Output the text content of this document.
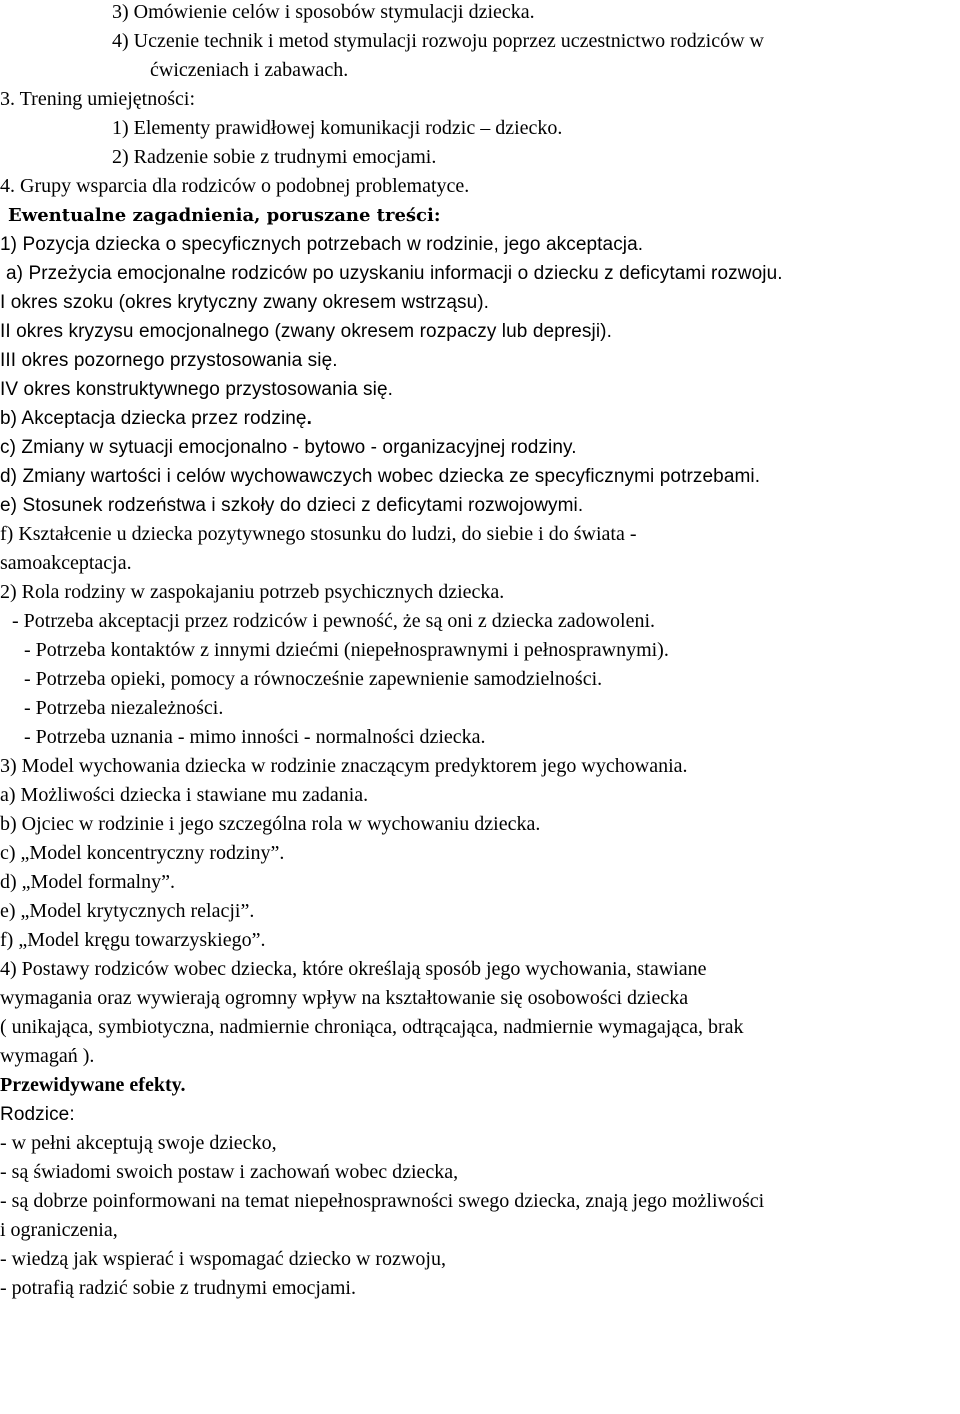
3) Omówienie celów i sposobów stymulacji dziecka.
4) Uczenie technik i metod stymulacji rozwoju poprzez uczestnictwo rodziców w
ćwiczeniach i zabawach.
3. Trening umiejętności:
1) Elementy prawidłowej komunikacji rodzic – dziecko.
2) Radzenie sobie z trudnymi emocjami.
4. Grupy wsparcia dla rodziców o podobnej problematyce.
Ewentualne zagadnienia, poruszane treści:
1) Pozycja dziecka o specyficznych potrzebach w rodzinie, jego akceptacja.
a) Przeżycia emocjonalne rodziców po uzyskaniu informacji o dziecku z deficytami rozwoju.
I okres szoku (okres krytyczny zwany okresem wstrząsu).
II okres kryzysu emocjonalnego (zwany okresem rozpaczy lub depresji).
III okres pozornego przystosowania się.
IV okres konstruktywnego przystosowania się.
b) Akceptacja dziecka przez rodzinę.
c) Zmiany w sytuacji emocjonalno - bytowo - organizacyjnej rodziny.
d) Zmiany wartości i celów wychowawczych wobec dziecka ze specyficznymi potrzebami.
e) Stosunek rodzeństwa i szkoły do dzieci z deficytami rozwojowymi.
f) Kształcenie u dziecka pozytywnego stosunku do ludzi, do siebie i do świata -
samoakceptacja.
2) Rola rodziny w zaspokajaniu potrzeb psychicznych dziecka.
- Potrzeba akceptacji przez rodziców i pewność, że są oni z dziecka zadowoleni.
- Potrzeba kontaktów z innymi dziećmi (niepełnosprawnymi i pełnosprawnymi).
- Potrzeba opieki, pomocy a równocześnie zapewnienie samodzielności.
- Potrzeba niezależności.
- Potrzeba uznania - mimo inności - normalności dziecka.
3) Model wychowania dziecka w rodzinie znaczącym predyktorem jego wychowania.
a) Możliwości dziecka i stawiane mu zadania.
b) Ojciec w rodzinie i jego szczególna rola w wychowaniu dziecka.
c) „Model koncentryczny rodziny”.
d) „Model formalny”.
e) „Model krytycznych relacji”.
f) „Model kręgu towarzyskiego”.
4) Postawy rodziców wobec dziecka, które określają sposób jego wychowania, stawiane
wymagania oraz wywierają ogromny wpływ na kształtowanie się osobowości dziecka
( unikająca, symbiotyczna, nadmiernie chroniąca, odtrącająca, nadmiernie wymagająca, brak
wymagań ).
Przewidywane efekty.
Rodzice:
- w pełni akceptują swoje dziecko,
- są świadomi swoich postaw i zachowań wobec dziecka,
- są dobrze poinformowani na temat niepełnosprawności swego dziecka, znają jego możliwości
i ograniczenia,
- wiedzą jak wspierać i wspomagać dziecko w rozwoju,
- potrafią radzić sobie z trudnymi emocjami.
